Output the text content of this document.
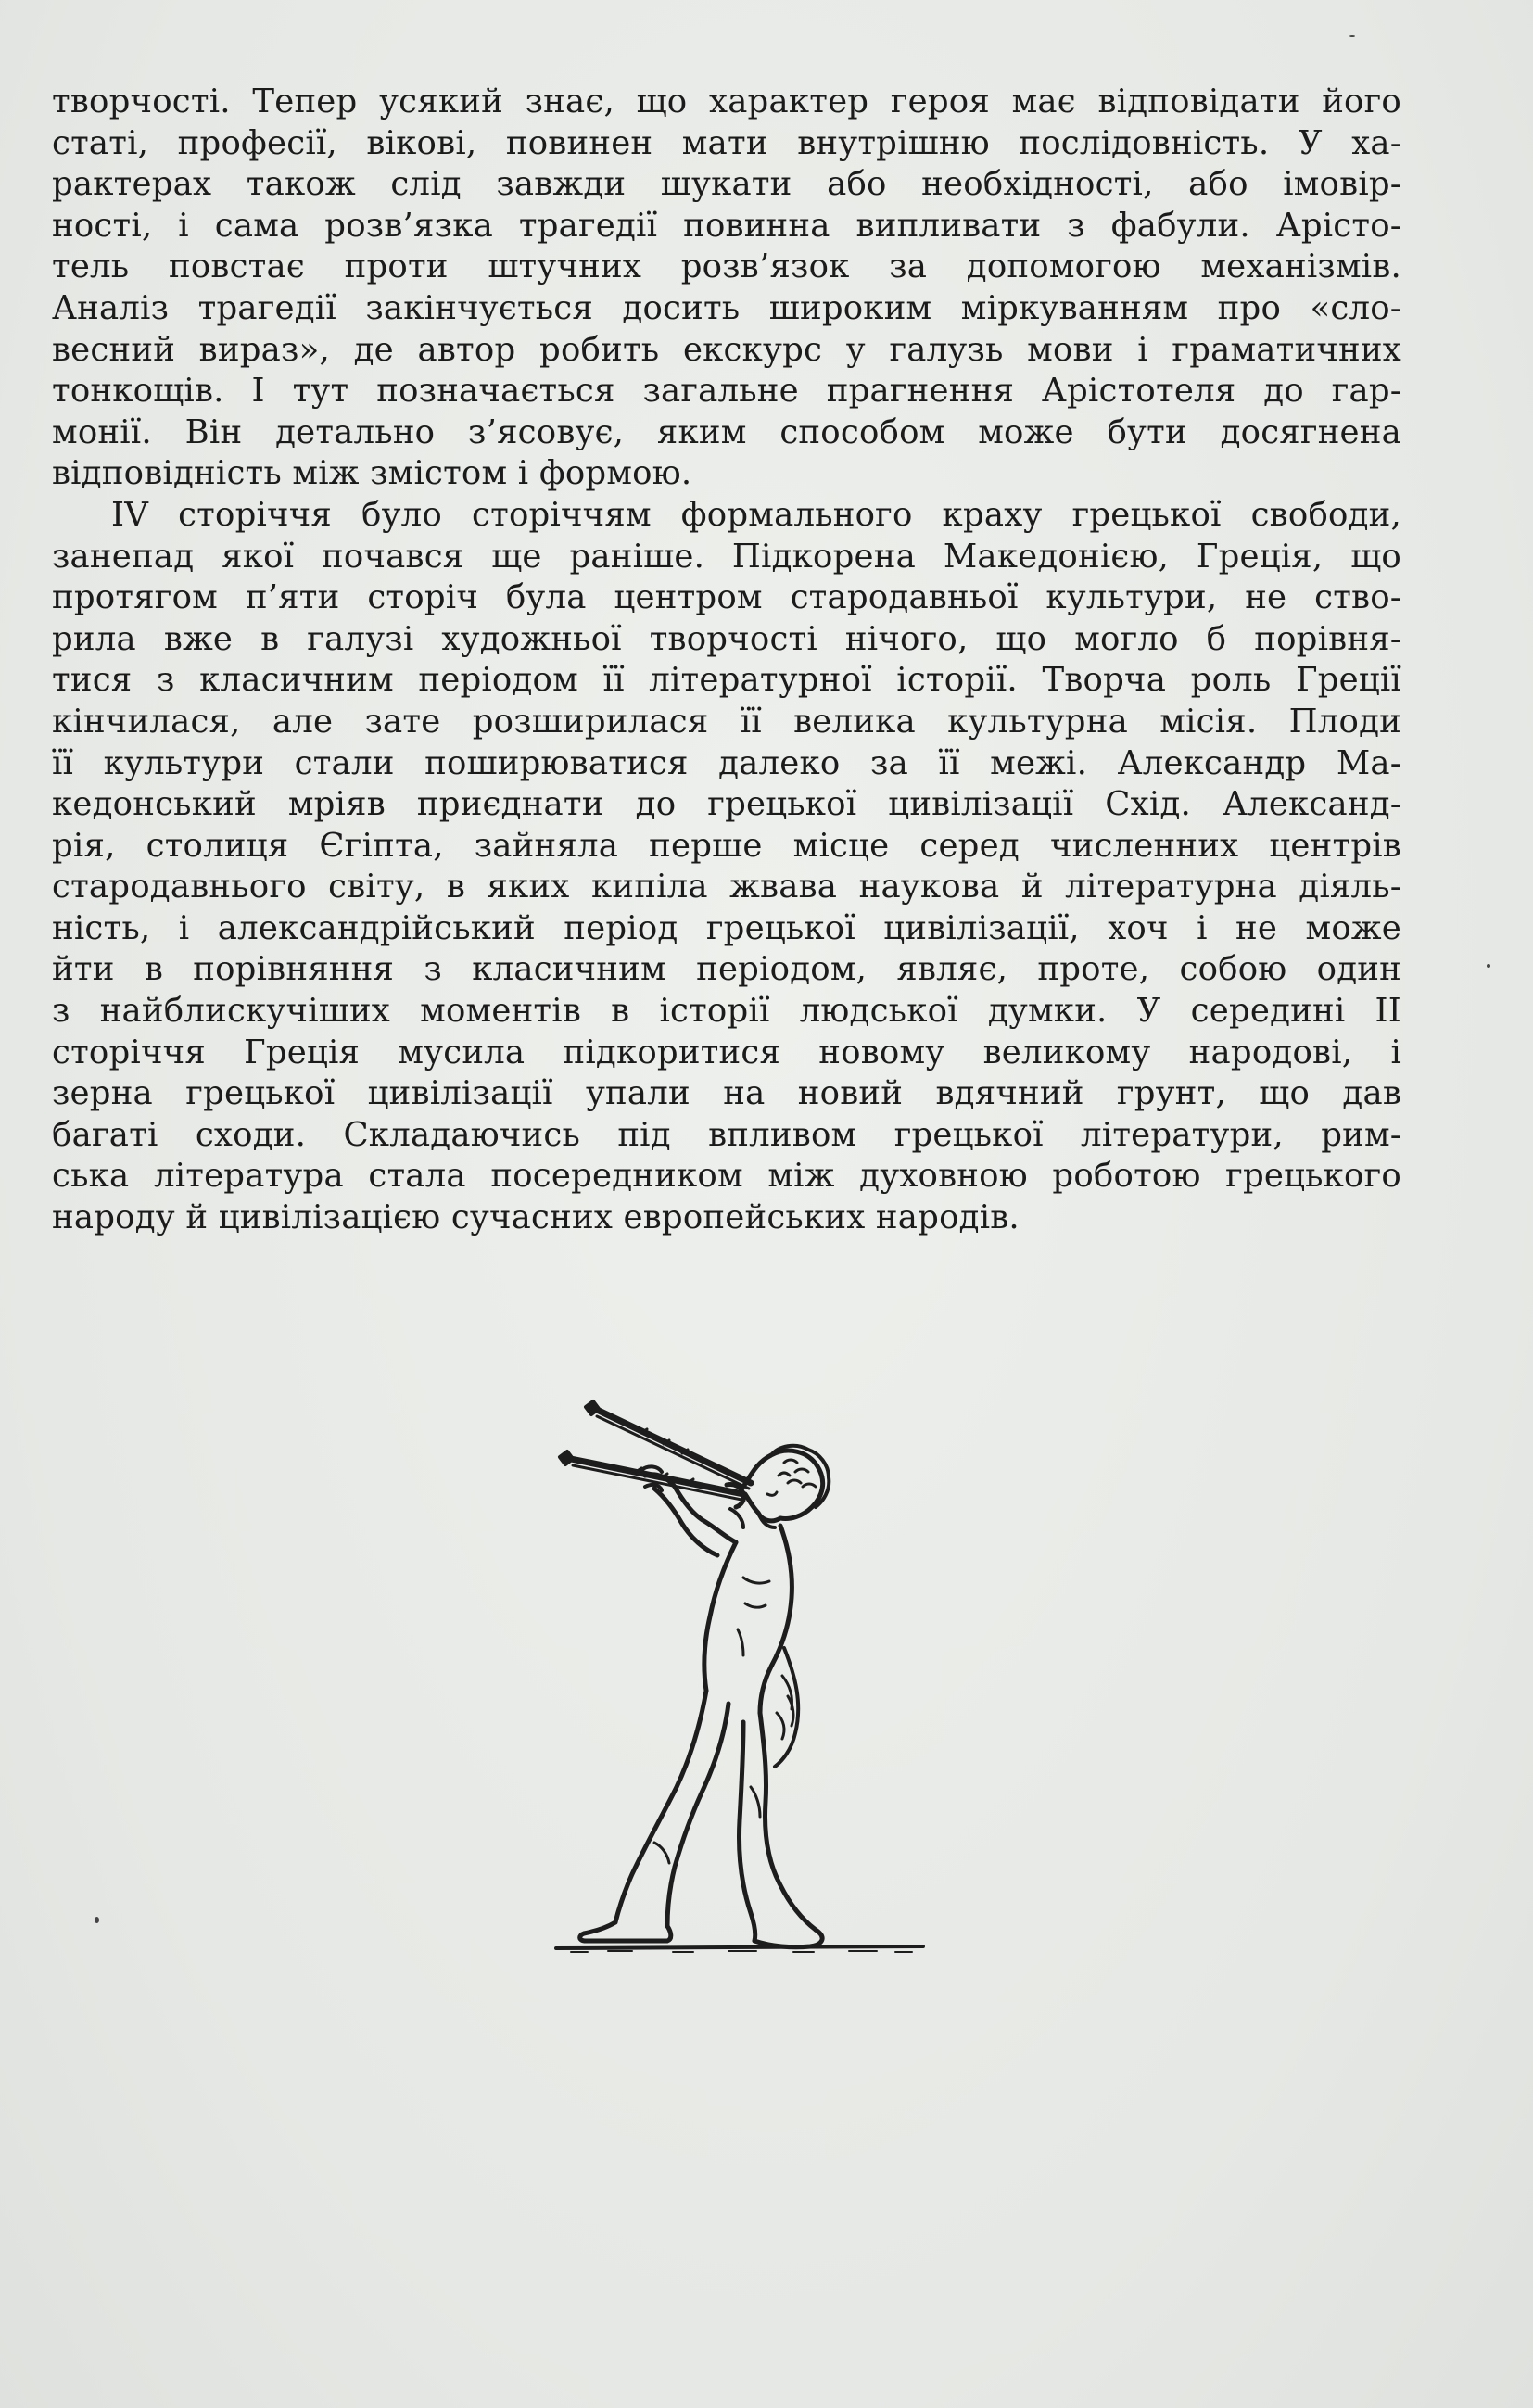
творчості. Тепер усякий знає, що характер героя має відповідати його
статі, професії, вікові, повинен мати внутрішню послідовність. У ха-
рактерах також слід завжди шукати або необхідності, або імовір-
ності, і сама розв’язка трагедії повинна випливати з фабули. Арісто-
тель повстає проти штучних розв’язок за допомогою механізмів.
Аналіз трагедії закінчується досить широким міркуванням про «сло-
весний вираз», де автор робить екскурс у галузь мови і граматичних
тонкощів. І тут позначається загальне прагнення Арістотеля до гар-
монії. Він детально з’ясовує, яким способом може бути досягнена
відповідність між змістом і формою.
IV сторіччя було сторіччям формального краху грецької свободи,
занепад якої почався ще раніше. Підкорена Македонією, Греція, що
протягом п’яти сторіч була центром стародавньої культури, не ство-
рила вже в галузі художньої творчості нічого, що могло б порівня-
тися з класичним періодом її літературної історії. Творча роль Греції
кінчилася, але зате розширилася її велика культурна місія. Плоди
її культури стали поширюватися далеко за її межі. Александр Ма-
кедонський мріяв приєднати до грецької цивілізації Схід. Александ-
рія, столиця Єгіпта, зайняла перше місце серед численних центрів
стародавнього світу, в яких кипіла жвава наукова й літературна діяль-
ність, і александрійський період грецької цивілізації, хоч і не може
йти в порівняння з класичним періодом, являє, проте, собою один
з найблискучіших моментів в історії людської думки. У середині ІІ
сторіччя Греція мусила підкоритися новому великому народові, і
зерна грецької цивілізації упали на новий вдячний грунт, що дав
багаті сходи. Складаючись під впливом грецької літератури, рим-
ська література стала посередником між духовною роботою грецького
народу й цивілізацією сучасних европейських народів.
